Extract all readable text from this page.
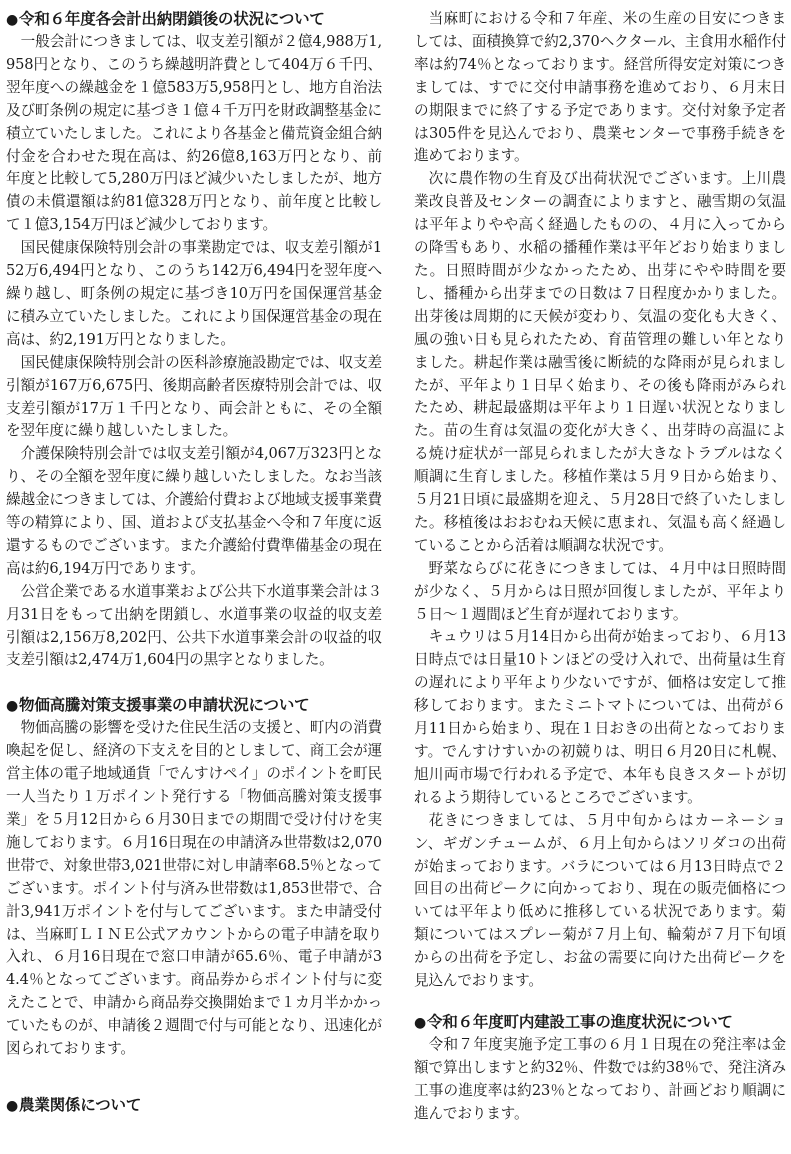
●令和６年度各会計出納閉鎖後の状況について

一般会計につきましては、収支差引額が２億4,988万1,958円となり、このうち繰越明許費として404万６千円、翌年度への繰越金を１億583万5,958円とし、地方自治法及び町条例の規定に基づき１億４千万円を財政調整基金に積立ていたしました。これにより各基金と備荒資金組合納付金を合わせた現在高は、約26億8,163万円となり、前年度と比較して5,280万円ほど減少いたしましたが、地方債の未償還額は約81億328万円となり、前年度と比較して１億3,154万円ほど減少しております。

国民健康保険特別会計の事業勘定では、収支差引額が152万6,494円となり、このうち142万6,494円を翌年度へ繰り越し、町条例の規定に基づき10万円を国保運営基金に積み立ていたしました。これにより国保運営基金の現在高は、約2,191万円となりました。

国民健康保険特別会計の医科診療施設勘定では、収支差引額が167万6,675円、後期高齢者医療特別会計では、収支差引額が17万１千円となり、両会計ともに、その全額を翌年度に繰り越しいたしました。

介護保険特別会計では収支差引額が4,067万323円となり、その全額を翌年度に繰り越しいたしました。なお当該繰越金につきましては、介護給付費および地域支援事業費等の精算により、国、道および支払基金へ令和７年度に返還するものでございます。また介護給付費準備基金の現在高は約6,194万円であります。

公営企業である水道事業および公共下水道事業会計は３月31日をもって出納を閉鎖し、水道事業の収益的収支差引額は2,156万8,202円、公共下水道事業会計の収益的収支差引額は2,474万1,604円の黒字となりました。

●物価高騰対策支援事業の申請状況について

物価高騰の影響を受けた住民生活の支援と、町内の消費喚起を促し、経済の下支えを目的としまして、商工会が運営主体の電子地域通貨「でんすけペイ」のポイントを町民一人当たり１万ポイント発行する「物価高騰対策支援事業」を５月12日から６月30日までの期間で受け付けを実施しております。６月16日現在の申請済み世帯数は2,070世帯で、対象世帯3,021世帯に対し申請率68.5％となってございます。ポイント付与済み世帯数は1,853世帯で、合計3,941万ポイントを付与してございます。また申請受付は、当麻町ＬＩＮＥ公式アカウントからの電子申請を取り入れ、６月16日現在で窓口申請が65.6％、電子申請が34.4％となってございます。商品券からポイント付与に変えたことで、申請から商品券交換開始まで１カ月半かかっていたものが、申請後２週間で付与可能となり、迅速化が図られております。

●農業関係について

当麻町における令和７年産、米の生産の目安につきましては、面積換算で約2,370ヘクタール、主食用水稲作付率は約74％となっております。経営所得安定対策につきましては、すでに交付申請事務を進めており、６月末日の期限までに終了する予定であります。交付対象予定者は305件を見込んでおり、農業センターで事務手続きを進めております。

次に農作物の生育及び出荷状況でございます。上川農業改良普及センターの調査によりますと、融雪期の気温は平年よりやや高く経過したものの、４月に入ってからの降雪もあり、水稲の播種作業は平年どおり始まりました。日照時間が少なかったため、出芽にやや時間を要し、播種から出芽までの日数は７日程度かかりました。出芽後は周期的に天候が変わり、気温の変化も大きく、風の強い日も見られたため、育苗管理の難しい年となりました。耕起作業は融雪後に断続的な降雨が見られましたが、平年より１日早く始まり、その後も降雨がみられたため、耕起最盛期は平年より１日遅い状況となりました。苗の生育は気温の変化が大きく、出芽時の高温による焼け症状が一部見られましたが大きなトラブルはなく順調に生育しました。移植作業は５月９日から始まり、５月21日頃に最盛期を迎え、５月28日で終了いたしました。移植後はおおむね天候に恵まれ、気温も高く経過していることから活着は順調な状況です。

野菜ならびに花きにつきましては、４月中は日照時間が少なく、５月からは日照が回復しましたが、平年より５日～１週間ほど生育が遅れております。

キュウリは５月14日から出荷が始まっており、６月13日時点では日量10トンほどの受け入れで、出荷量は生育の遅れにより平年より少ないですが、価格は安定して推移しております。またミニトマトについては、出荷が６月11日から始まり、現在１日おきの出荷となっております。でんすけすいかの初競りは、明日６月20日に札幌、旭川両市場で行われる予定で、本年も良きスタートが切れるよう期待しているところでございます。

花きにつきましては、５月中旬からはカーネーション、ギガンチュームが、６月上旬からはソリダコの出荷が始まっております。バラについては６月13日時点で２回目の出荷ピークに向かっており、現在の販売価格については平年より低めに推移している状況であります。菊類についてはスプレー菊が７月上旬、輪菊が７月下旬頃からの出荷を予定し、お盆の需要に向けた出荷ピークを見込んでおります。

●令和６年度町内建設工事の進度状況について

令和７年度実施予定工事の６月１日現在の発注率は金額で算出しますと約32％、件数では約38％で、発注済み工事の進度率は約23％となっており、計画どおり順調に進んでおります。
